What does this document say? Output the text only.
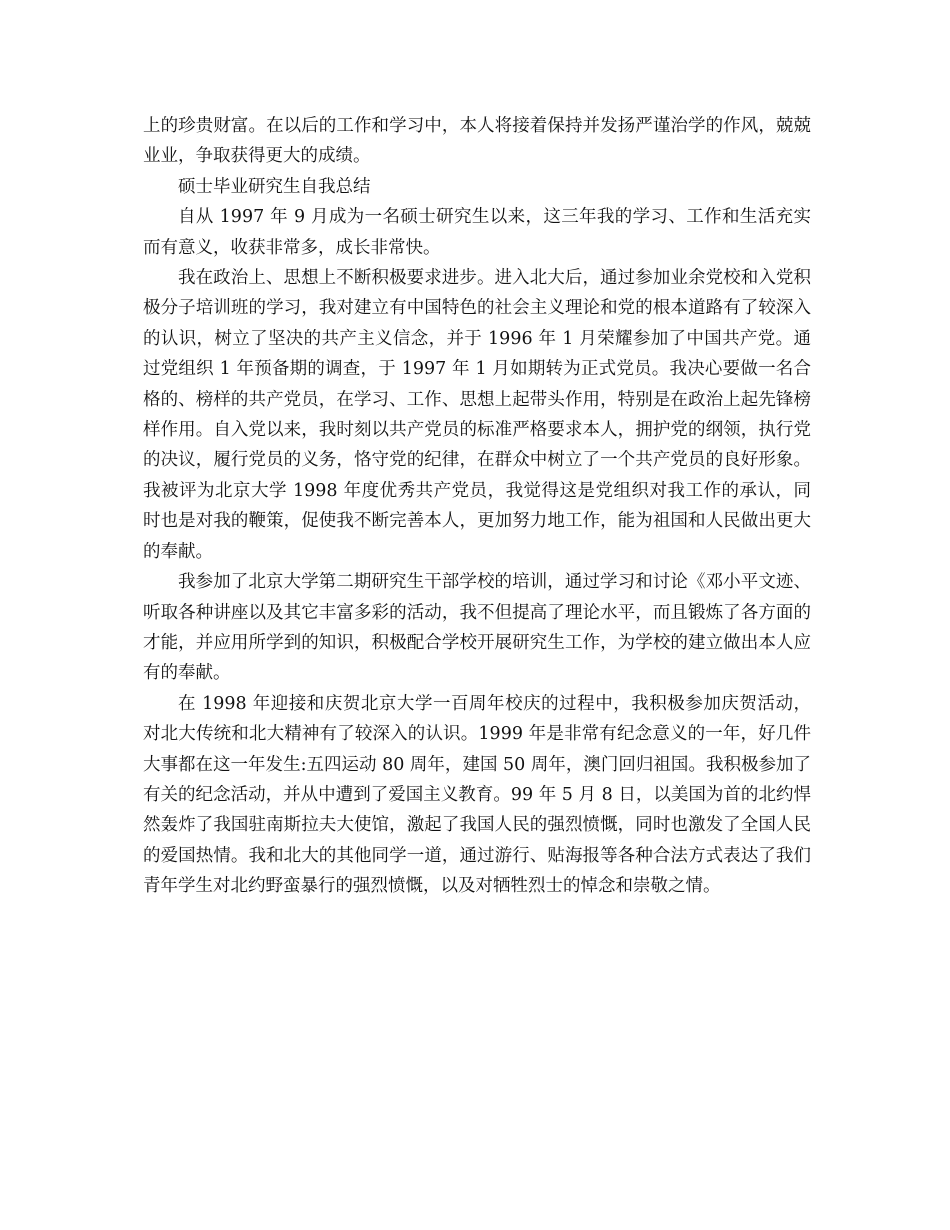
上的珍贵财富。在以后的工作和学习中，本人将接着保持并发扬严谨治学的作风，兢兢业业，争取获得更大的成绩。

硕士毕业研究生自我总结

自从 1997 年 9 月成为一名硕士研究生以来，这三年我的学习、工作和生活充实而有意义，收获非常多，成长非常快。

我在政治上、思想上不断积极要求进步。进入北大后，通过参加业余党校和入党积极分子培训班的学习，我对建立有中国特色的社会主义理论和党的根本道路有了较深入的认识，树立了坚决的共产主义信念，并于 1996 年 1 月荣耀参加了中国共产党。通过党组织 1 年预备期的调查，于 1997 年 1 月如期转为正式党员。我决心要做一名合格的、榜样的共产党员，在学习、工作、思想上起带头作用，特别是在政治上起先锋榜样作用。自入党以来，我时刻以共产党员的标准严格要求本人，拥护党的纲领，执行党的决议，履行党员的义务，恪守党的纪律，在群众中树立了一个共产党员的良好形象。我被评为北京大学 1998 年度优秀共产党员，我觉得这是党组织对我工作的承认，同时也是对我的鞭策，促使我不断完善本人，更加努力地工作，能为祖国和人民做出更大的奉献。

我参加了北京大学第二期研究生干部学校的培训，通过学习和讨论《邓小平文迹、听取各种讲座以及其它丰富多彩的活动，我不但提高了理论水平，而且锻炼了各方面的才能，并应用所学到的知识，积极配合学校开展研究生工作，为学校的建立做出本人应有的奉献。

在 1998 年迎接和庆贺北京大学一百周年校庆的过程中，我积极参加庆贺活动，对北大传统和北大精神有了较深入的认识。1999 年是非常有纪念意义的一年，好几件大事都在这一年发生:五四运动 80 周年，建国 50 周年，澳门回归祖国。我积极参加了有关的纪念活动，并从中遭到了爱国主义教育。99 年 5 月 8 日，以美国为首的北约悍然轰炸了我国驻南斯拉夫大使馆，激起了我国人民的强烈愤慨，同时也激发了全国人民的爱国热情。我和北大的其他同学一道，通过游行、贴海报等各种合法方式表达了我们青年学生对北约野蛮暴行的强烈愤慨，以及对牺牲烈士的悼念和崇敬之情。
